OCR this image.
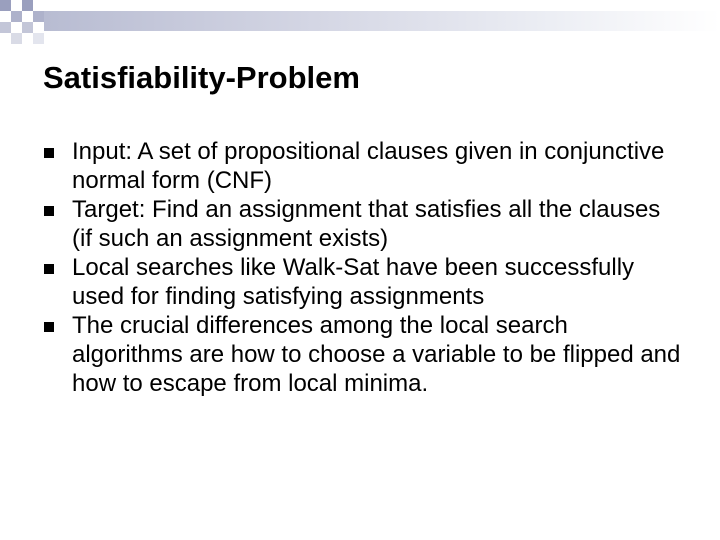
Satisfiability-Problem
Input: A set of propositional clauses given in conjunctive normal form (CNF)
Target: Find an assignment that satisfies all the clauses (if such an assignment exists)
Local searches like Walk-Sat have been successfully used for finding satisfying assignments
The crucial differences among the local search algorithms are how to choose a variable to be flipped and how to escape from local minima.
